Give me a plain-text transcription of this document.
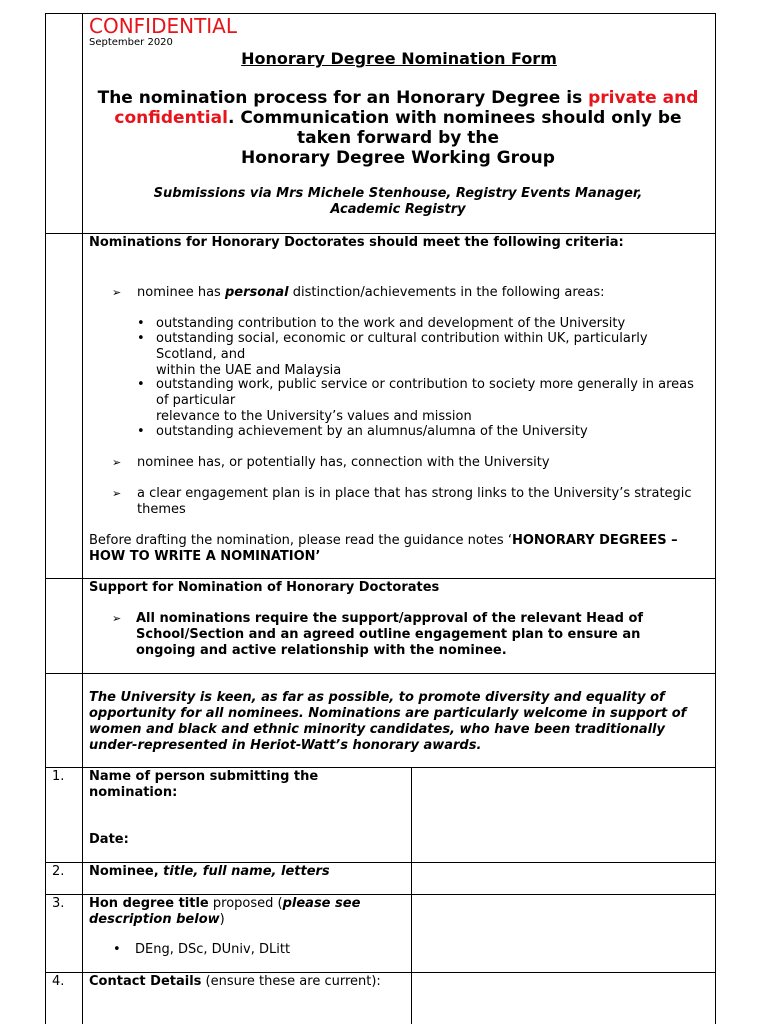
CONFIDENTIAL
September 2020
Honorary Degree Nomination Form
The nomination process for an Honorary Degree is private and confidential. Communication with nominees should only be taken forward by the
Honorary Degree Working Group
Submissions via Mrs Michele Stenhouse, Registry Events Manager, Academic Registry
Nominations for Honorary Doctorates should meet the following criteria:
➢ nominee has personal distinction/achievements in the following areas:
• outstanding contribution to the work and development of the University
• outstanding social, economic or cultural contribution within UK, particularly Scotland, and
within the UAE and Malaysia
• outstanding work, public service or contribution to society more generally in areas of particular
relevance to the University’s values and mission
• outstanding achievement by an alumnus/alumna of the University
➢ nominee has, or potentially has, connection with the University
➢ a clear engagement plan is in place that has strong links to the University’s strategic themes
Before drafting the nomination, please read the guidance notes ‘HONORARY DEGREES – HOW TO WRITE A NOMINATION’
Support for Nomination of Honorary Doctorates
➢ All nominations require the support/approval of the relevant Head of School/Section and an agreed outline engagement plan to ensure an ongoing and active relationship with the nominee.
The University is keen, as far as possible, to promote diversity and equality of opportunity for all nominees. Nominations are particularly welcome in support of women and black and ethnic minority candidates, who have been traditionally under-represented in Heriot-Watt’s honorary awards.
1. Name of person submitting the nomination:
Date:
2. Nominee, title, full name, letters
3. Hon degree title proposed (please see description below)
• DEng, DSc, DUniv, DLitt
4. Contact Details (ensure these are current):
